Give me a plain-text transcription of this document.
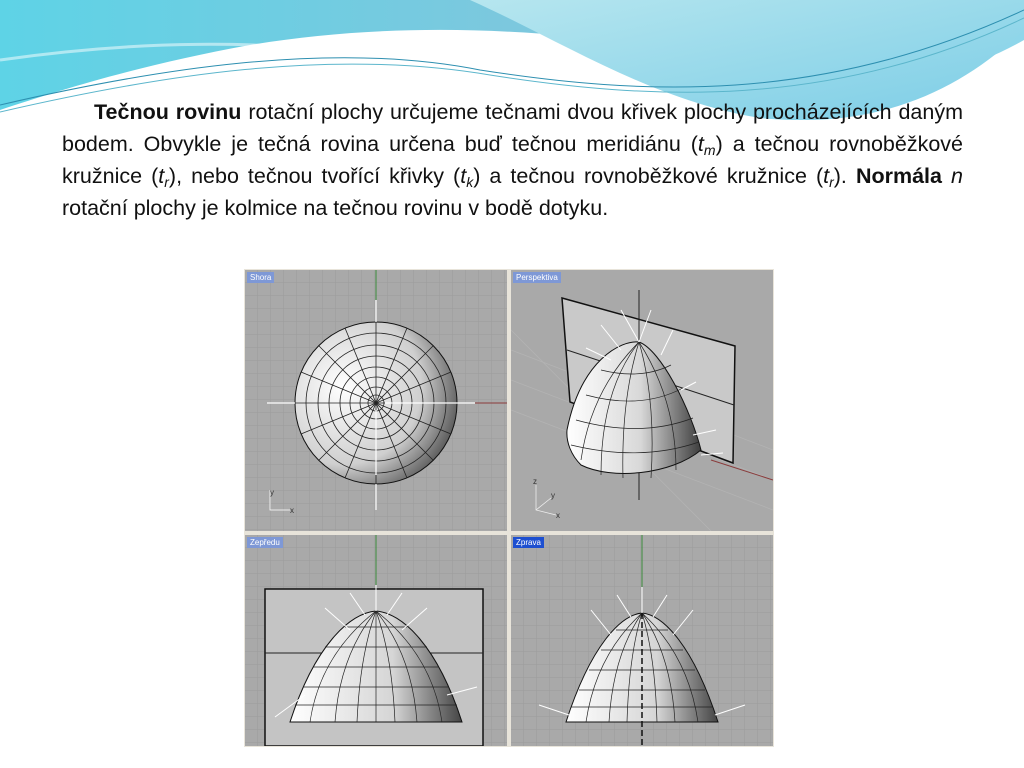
Tečnou rovinu rotační plochy určujeme tečnami dvou křivek plochy procházejících daným bodem. Obvykle je tečná rovina určena buď tečnou meridiánu $(t_m)$ a tečnou rovnoběžkové kružnice $(t_r)$, nebo tečnou tvořící křivky $(t_k)$ a tečnou rovnoběžkové kružnice $(t_r)$. Normála n rotační plochy je kolmice na tečnou rovinu v bodě dotyku.
y
x
Shora
z
y
x
Perspektiva
Zepředu	Zprava
